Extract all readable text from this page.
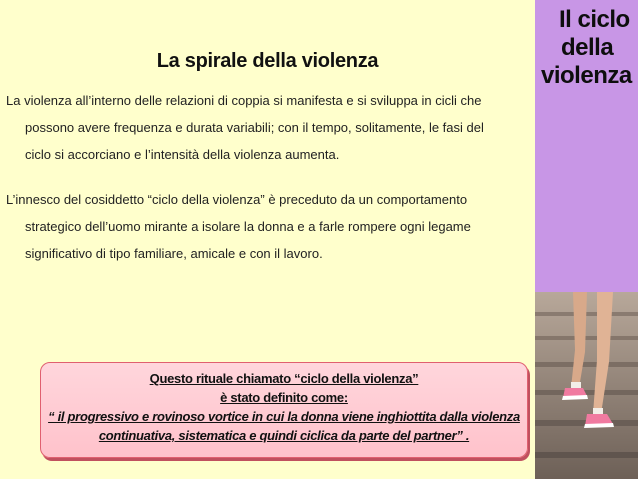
La spirale della violenza
La violenza all’interno delle relazioni di coppia si manifesta e si sviluppa in cicli che
possono avere frequenza e durata variabili; con il tempo, solitamente, le fasi del
ciclo si accorciano e l’intensità della violenza aumenta.
L’innesco del cosiddetto “ciclo della violenza” è preceduto da un comportamento
strategico dell’uomo mirante a isolare la donna e a farle rompere ogni legame
significativo di tipo familiare, amicale e con il lavoro.
Questo rituale chiamato “ciclo della violenza”
è stato definito come:
“ il progressivo e rovinoso vortice in cui la donna viene inghiottita dalla violenza
continuativa, sistematica e quindi ciclica da parte del partner” .
Il ciclo
della
violenza
